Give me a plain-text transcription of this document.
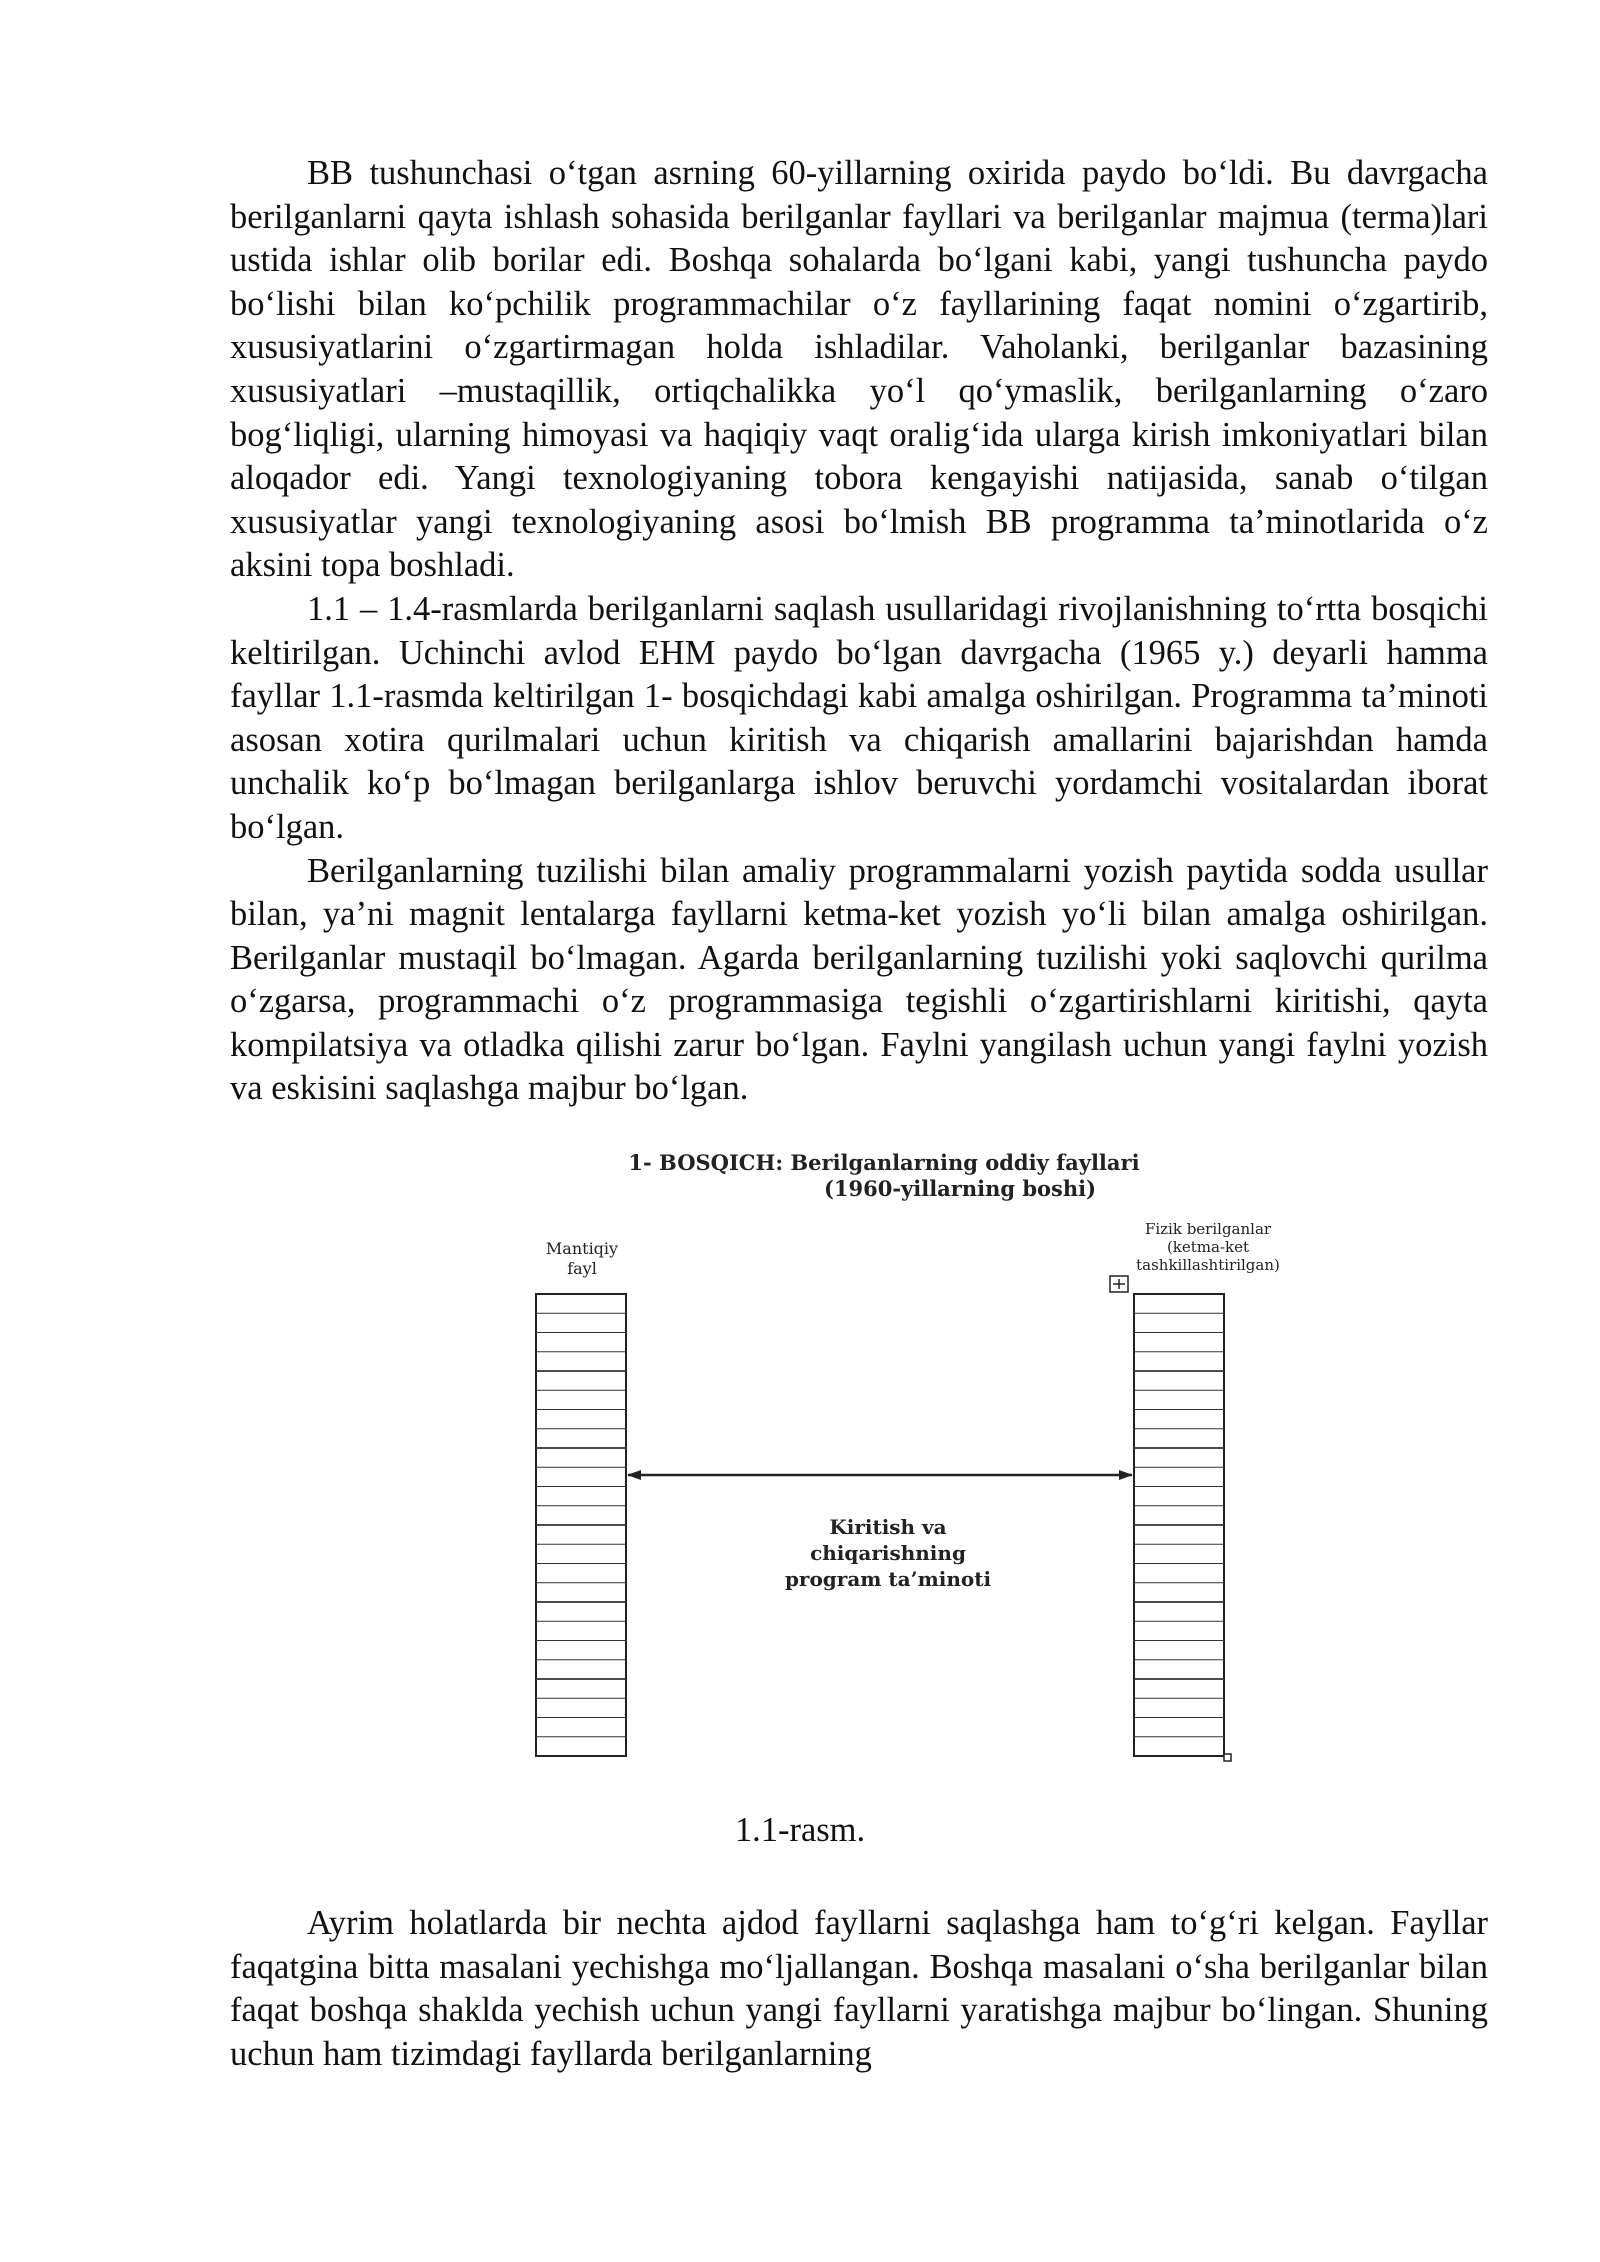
BB tushunchasi o‘tgan asrning 60-yillarning oxirida paydo bo‘ldi. Bu davrgacha berilganlarni qayta ishlash sohasida berilganlar fayllari va berilganlar majmua (terma)lari ustida ishlar olib borilar edi. Boshqa sohalarda bo‘lgani kabi, yangi tushuncha paydo bo‘lishi bilan ko‘pchilik programmachilar o‘z fayllarining faqat nomini o‘zgartirib, xususiyatlarini o‘zgartirmagan holda ishladilar. Vaholanki, berilganlar bazasining xususiyatlari –mustaqillik, ortiqchalikka yo‘l qo‘ymaslik, berilganlarning o‘zaro bog‘liqligi, ularning himoyasi va haqiqiy vaqt oralig‘ida ularga kirish imkoniyatlari bilan aloqador edi. Yangi texnologiyaning tobora kengayishi natijasida, sanab o‘tilgan xususiyatlar yangi texnologiyaning asosi bo‘lmish BB programma ta’minotlarida o‘z aksini topa boshladi.

1.1 – 1.4-rasmlarda berilganlarni saqlash usullaridagi rivojlanishning to‘rtta bosqichi keltirilgan. Uchinchi avlod EHM paydo bo‘lgan davrgacha (1965 y.) deyarli hamma fayllar 1.1-rasmda keltirilgan 1- bosqichdagi kabi amalga oshirilgan. Programma ta’minoti asosan xotira qurilmalari uchun kiritish va chiqarish amallarini bajarishdan hamda unchalik ko‘p bo‘lmagan berilganlarga ishlov beruvchi yordamchi vositalardan iborat bo‘lgan.

Berilganlarning tuzilishi bilan amaliy programmalarni yozish paytida sodda usullar bilan, ya’ni magnit lentalarga fayllarni ketma-ket yozish yo‘li bilan amalga oshirilgan. Berilganlar mustaqil bo‘lmagan. Agarda berilganlarning tuzilishi yoki saqlovchi qurilma o‘zgarsa, programmachi o‘z programmasiga tegishli o‘zgartirishlarni kiritishi, qayta kompilatsiya va otladka qilishi zarur bo‘lgan. Faylni yangilash uchun yangi faylni yozish va eskisini saqlashga majbur bo‘lgan.

1- BOSQICH: Berilganlarning oddiy fayllari
(1960-yillarning boshi)
Mantiqiy
fayl
Fizik berilganlar
(ketma-ket
tashkillashtirilgan)
Kiritish va
chiqarishning
program ta’minoti
1.1-rasm.

Ayrim holatlarda bir nechta ajdod fayllarni saqlashga ham to‘g‘ri kelgan. Fayllar faqatgina bitta masalani yechishga mo‘ljallangan. Boshqa masalani o‘sha berilganlar bilan faqat boshqa shaklda yechish uchun yangi fayllarni yaratishga majbur bo‘lingan. Shuning uchun ham tizimdagi fayllarda berilganlarning
